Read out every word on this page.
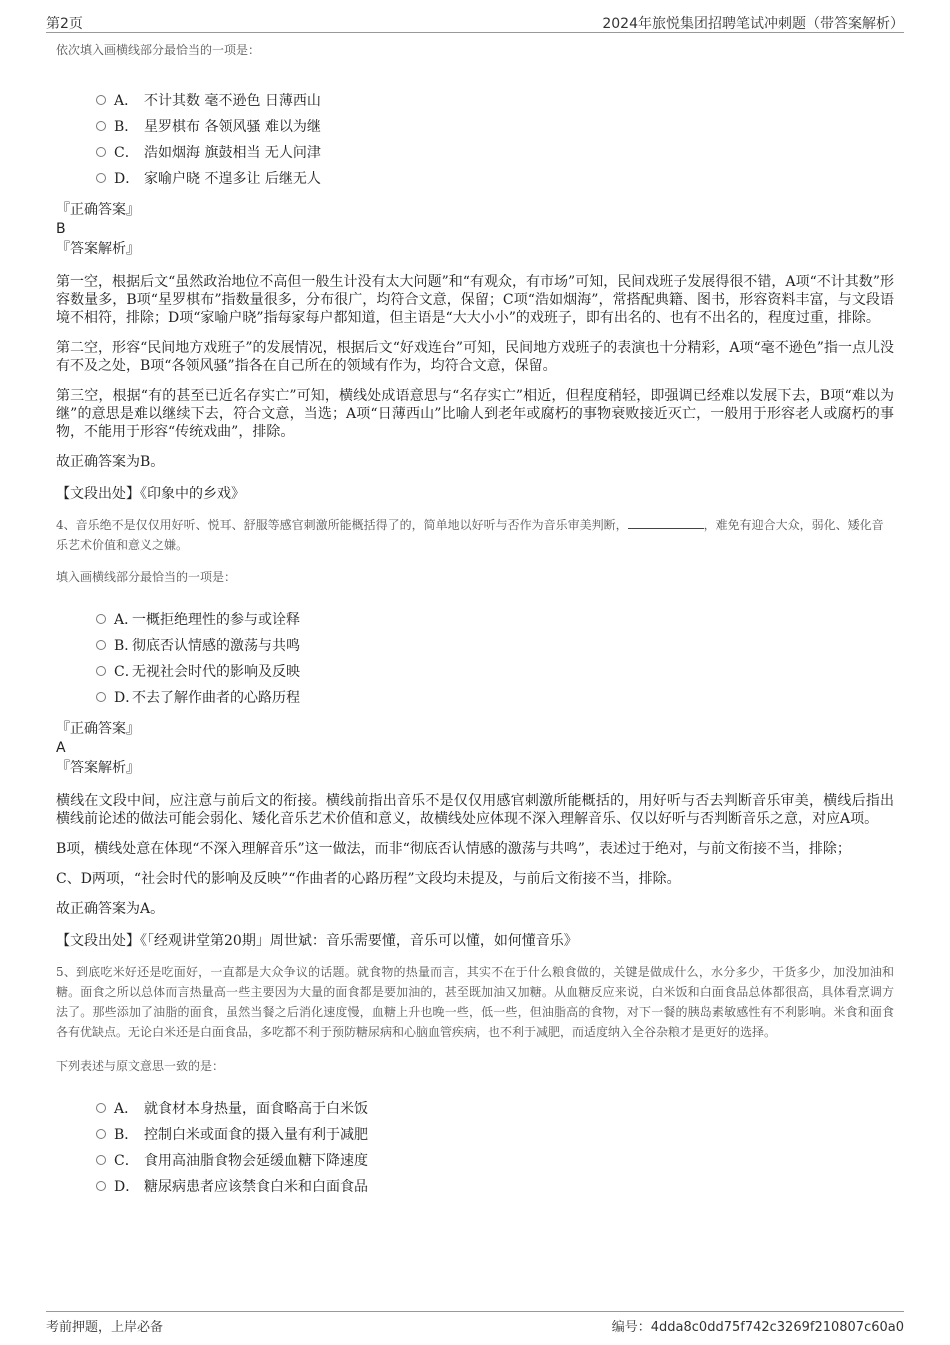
第2页	2024年旅悦集团招聘笔试冲刺题（带答案解析）
依次填入画横线部分最恰当的一项是：
A． 不计其数 毫不逊色 日薄西山
B． 星罗棋布 各领风骚 难以为继
C． 浩如烟海 旗鼓相当 无人问津
D． 家喻户晓 不遑多让 后继无人
『正确答案』
B
『答案解析』

第一空，根据后文“虽然政治地位不高但一般生计没有太大问题”和“有观众，有市场”可知，民间戏班子发展得很不错，A项“不计其数”形容数量多，B项“星罗棋布”指数量很多，分布很广，均符合文意，保留；C项“浩如烟海”，常搭配典籍、图书，形容资料丰富，与文段语境不相符，排除；D项“家喻户晓”指每家每户都知道，但主语是“大大小小”的戏班子，即有出名的、也有不出名的，程度过重，排除。

第二空，形容“民间地方戏班子”的发展情况，根据后文“好戏连台”可知，民间地方戏班子的表演也十分精彩，A项“毫不逊色”指一点儿没有不及之处，B项“各领风骚”指各在自己所在的领域有作为，均符合文意，保留。

第三空，根据“有的甚至已近名存实亡”可知，横线处成语意思与“名存实亡”相近，但程度稍轻，即强调已经难以发展下去，B项“难以为继”的意思是难以继续下去，符合文意，当选；A项“日薄西山”比喻人到老年或腐朽的事物衰败接近灭亡，一般用于形容老人或腐朽的事物，不能用于形容“传统戏曲”，排除。

故正确答案为B。

【文段出处】《印象中的乡戏》

4、音乐绝不是仅仅用好听、悦耳、舒服等感官刺激所能概括得了的，简单地以好听与否作为音乐审美判断，	，难免有迎合大众，弱化、矮化音乐艺术价值和意义之嫌。
填入画横线部分最恰当的一项是：
A．一概拒绝理性的参与或诠释
B．彻底否认情感的激荡与共鸣
C．无视社会时代的影响及反映
D．不去了解作曲者的心路历程
『正确答案』
A
『答案解析』

横线在文段中间，应注意与前后文的衔接。横线前指出音乐不是仅仅用感官刺激所能概括的，用好听与否去判断音乐审美，横线后指出横线前论述的做法可能会弱化、矮化音乐艺术价值和意义，故横线处应体现不深入理解音乐、仅以好听与否判断音乐之意，对应A项。

B项，横线处意在体现“不深入理解音乐”这一做法，而非“彻底否认情感的激荡与共鸣”，表述过于绝对，与前文衔接不当，排除；

C、D两项，“社会时代的影响及反映”“作曲者的心路历程”文段均未提及，与前后文衔接不当，排除。

故正确答案为A。

【文段出处】《「经观讲堂第20期」周世斌：音乐需要懂，音乐可以懂，如何懂音乐》

5、到底吃米好还是吃面好，一直都是大众争议的话题。就食物的热量而言，其实不在于什么粮食做的，关键是做成什么，水分多少，干货多少，加没加油和糖。面食之所以总体而言热量高一些主要因为大量的面食都是要加油的，甚至既加油又加糖。从血糖反应来说，白米饭和白面食品总体都很高，具体看烹调方法了。那些添加了油脂的面食，虽然当餐之后消化速度慢，血糖上升也晚一些，低一些，但油脂高的食物，对下一餐的胰岛素敏感性有不利影响。米食和面食各有优缺点。无论白米还是白面食品，多吃都不利于预防糖尿病和心脑血管疾病，也不利于减肥，而适度纳入全谷杂粮才是更好的选择。
下列表述与原文意思一致的是：
A． 就食材本身热量，面食略高于白米饭
B． 控制白米或面食的摄入量有利于减肥
C． 食用高油脂食物会延缓血糖下降速度
D． 糖尿病患者应该禁食白米和白面食品
考前押题，上岸必备	编号：4dda8c0dd75f742c3269f210807c60a0
